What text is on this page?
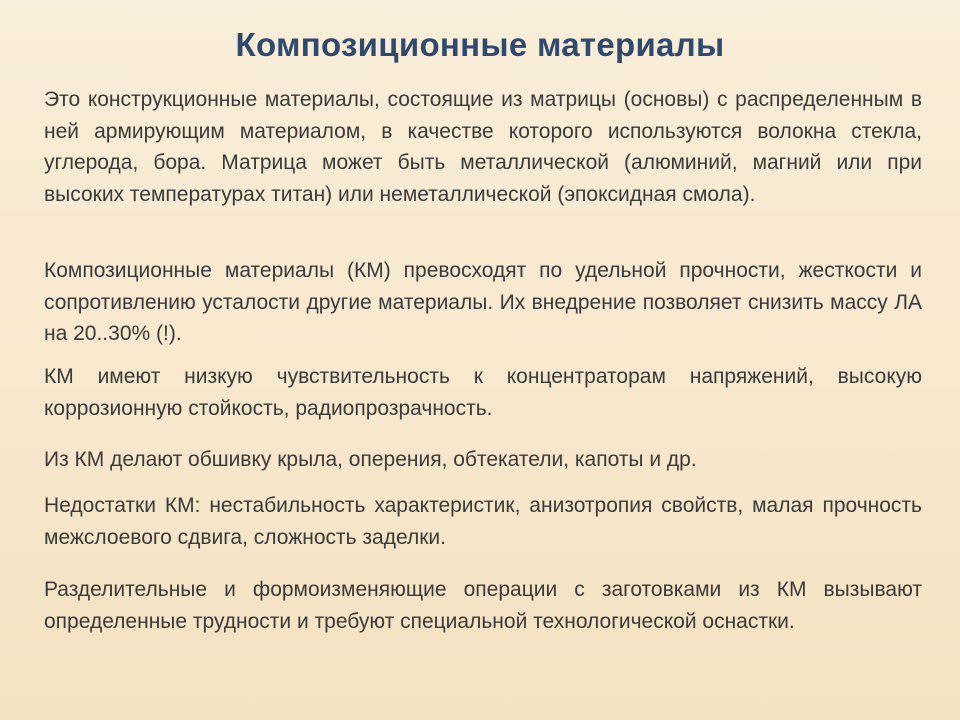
Композиционные материалы
Это конструкционные материалы, состоящие из матрицы (основы) с распределенным в ней армирующим материалом, в качестве которого используются волокна стекла, углерода, бора. Матрица может быть металлической (алюминий, магний или при высоких температурах титан) или неметаллической (эпоксидная смола).
Композиционные материалы (КМ) превосходят по удельной прочности, жесткости и сопротивлению усталости другие материалы. Их внедрение позволяет снизить массу ЛА на 20..30% (!).
КМ имеют низкую чувствительность к концентраторам напряжений, высокую коррозионную стойкость, радиопрозрачность.
Из КМ делают обшивку крыла, оперения, обтекатели, капоты и др.
Недостатки КМ: нестабильность характеристик, анизотропия свойств, малая прочность межслоевого сдвига, сложность заделки.
Разделительные и формоизменяющие операции с заготовками из КМ вызывают определенные трудности и требуют специальной технологической оснастки.
